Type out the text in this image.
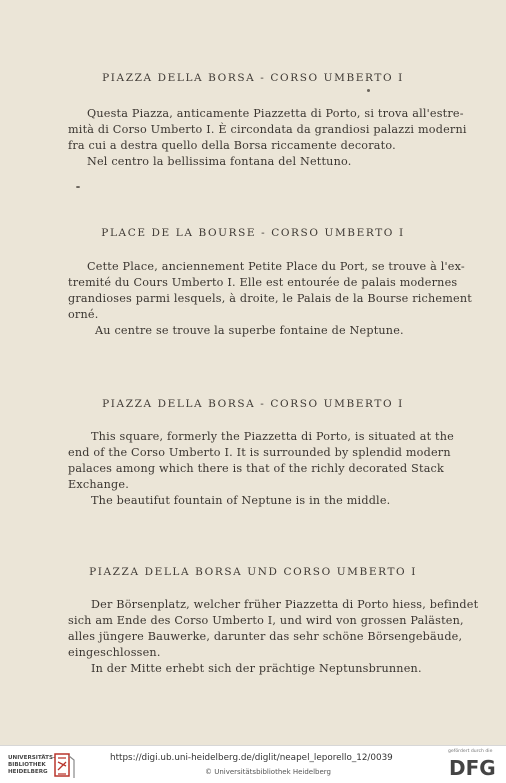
PIAZZA DELLA BORSA - CORSO UMBERTO I
Questa Piazza, anticamente Piazzetta di Porto, si trova all'estre-
mità di Corso Umberto I. È circondata da grandiosi palazzi moderni
fra cui a destra quello della Borsa riccamente decorato.
Nel centro la bellissima fontana del Nettuno.
PLACE DE LA BOURSE - CORSO UMBERTO I
Cette Place, anciennement Petite Place du Port, se trouve à l'ex-
tremité du Cours Umberto I. Elle est entourée de palais modernes
grandioses parmi lesquels, à droite, le Palais de la Bourse richement
orné.
Au centre se trouve la superbe fontaine de Neptune.
PIAZZA DELLA BORSA - CORSO UMBERTO I
This square, formerly the Piazzetta di Porto, is situated at the
end of the Corso Umberto I. It is surrounded by splendid modern
palaces among which there is that of the richly decorated Stack
Exchange.
The beautifut fountain of Neptune is in the middle.
PIAZZA DELLA BORSA UND CORSO UMBERTO I
Der Börsenplatz, welcher früher Piazzetta di Porto hiess, befindet
sich am Ende des Corso Umberto I, und wird von grossen Palästen,
alles jüngere Bauwerke, darunter das sehr schöne Börsengebäude,
eingeschlossen.
In der Mitte erhebt sich der prächtige Neptunsbrunnen.
UNIVERSITÄTS-
BIBLIOTHEK
HEIDELBERG
https://digi.ub.uni-heidelberg.de/diglit/neapel_leporello_12/0039
© Universitätsbibliothek Heidelberg
gefördert durch die
DFG
